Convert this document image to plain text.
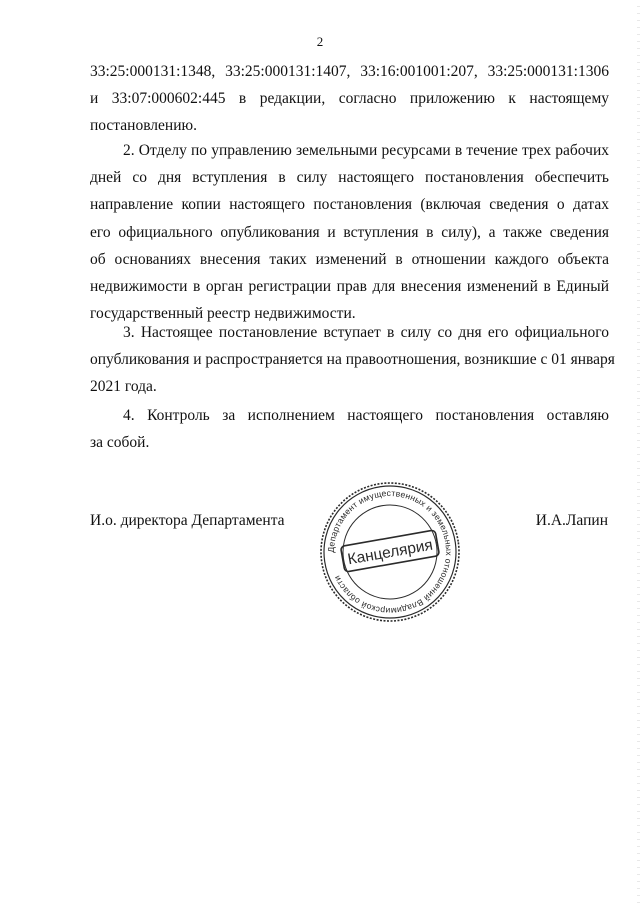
2

33:25:000131:1348, 33:25:000131:1407, 33:16:001001:207, 33:25:000131:1306
и 33:07:000602:445 в редакции, согласно приложению к настоящему
постановлению.

2. Отделу по управлению земельными ресурсами в течение трех рабочих
дней со дня вступления в силу настоящего постановления обеспечить
направление копии настоящего постановления (включая сведения о датах
его официального опубликования и вступления в силу), а также сведения
об основаниях внесения таких изменений в отношении каждого объекта
недвижимости в орган регистрации прав для внесения изменений в Единый
государственный реестр недвижимости.

3. Настоящее постановление вступает в силу со дня его официального
опубликования и распространяется на правоотношения, возникшие с 01 января
2021 года.

4. Контроль за исполнением настоящего постановления оставляю
за собой.

И.о. директора Департамента	И.А.Лапин
Департамент имущественных и земельных отношений Владимирской области
Канцелярия
